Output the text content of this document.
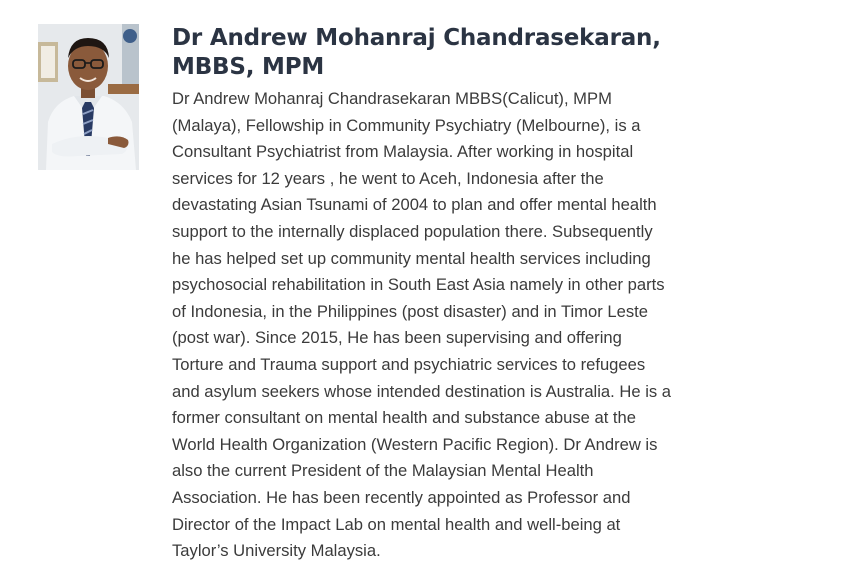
Dr Andrew Mohanraj Chandrasekaran, MBBS, MPM

Dr Andrew Mohanraj Chandrasekaran MBBS(Calicut), MPM (Malaya), Fellowship in Community Psychiatry (Melbourne), is a Consultant Psychiatrist from Malaysia. After working in hospital services for 12 years , he went to Aceh, Indonesia after the devastating Asian Tsunami of 2004 to plan and offer mental health support to the internally displaced population there. Subsequently he has helped set up community mental health services including psychosocial rehabilitation in South East Asia namely in other parts of Indonesia, in the Philippines (post disaster) and in Timor Leste (post war). Since 2015, He has been supervising and offering Torture and Trauma support and psychiatric services to refugees and asylum seekers whose intended destination is Australia. He is a former consultant on mental health and substance abuse at the World Health Organization (Western Pacific Region). Dr Andrew is also the current President of the Malaysian Mental Health Association. He has been recently appointed as Professor and Director of the Impact Lab on mental health and well-being at Taylor’s University Malaysia.
